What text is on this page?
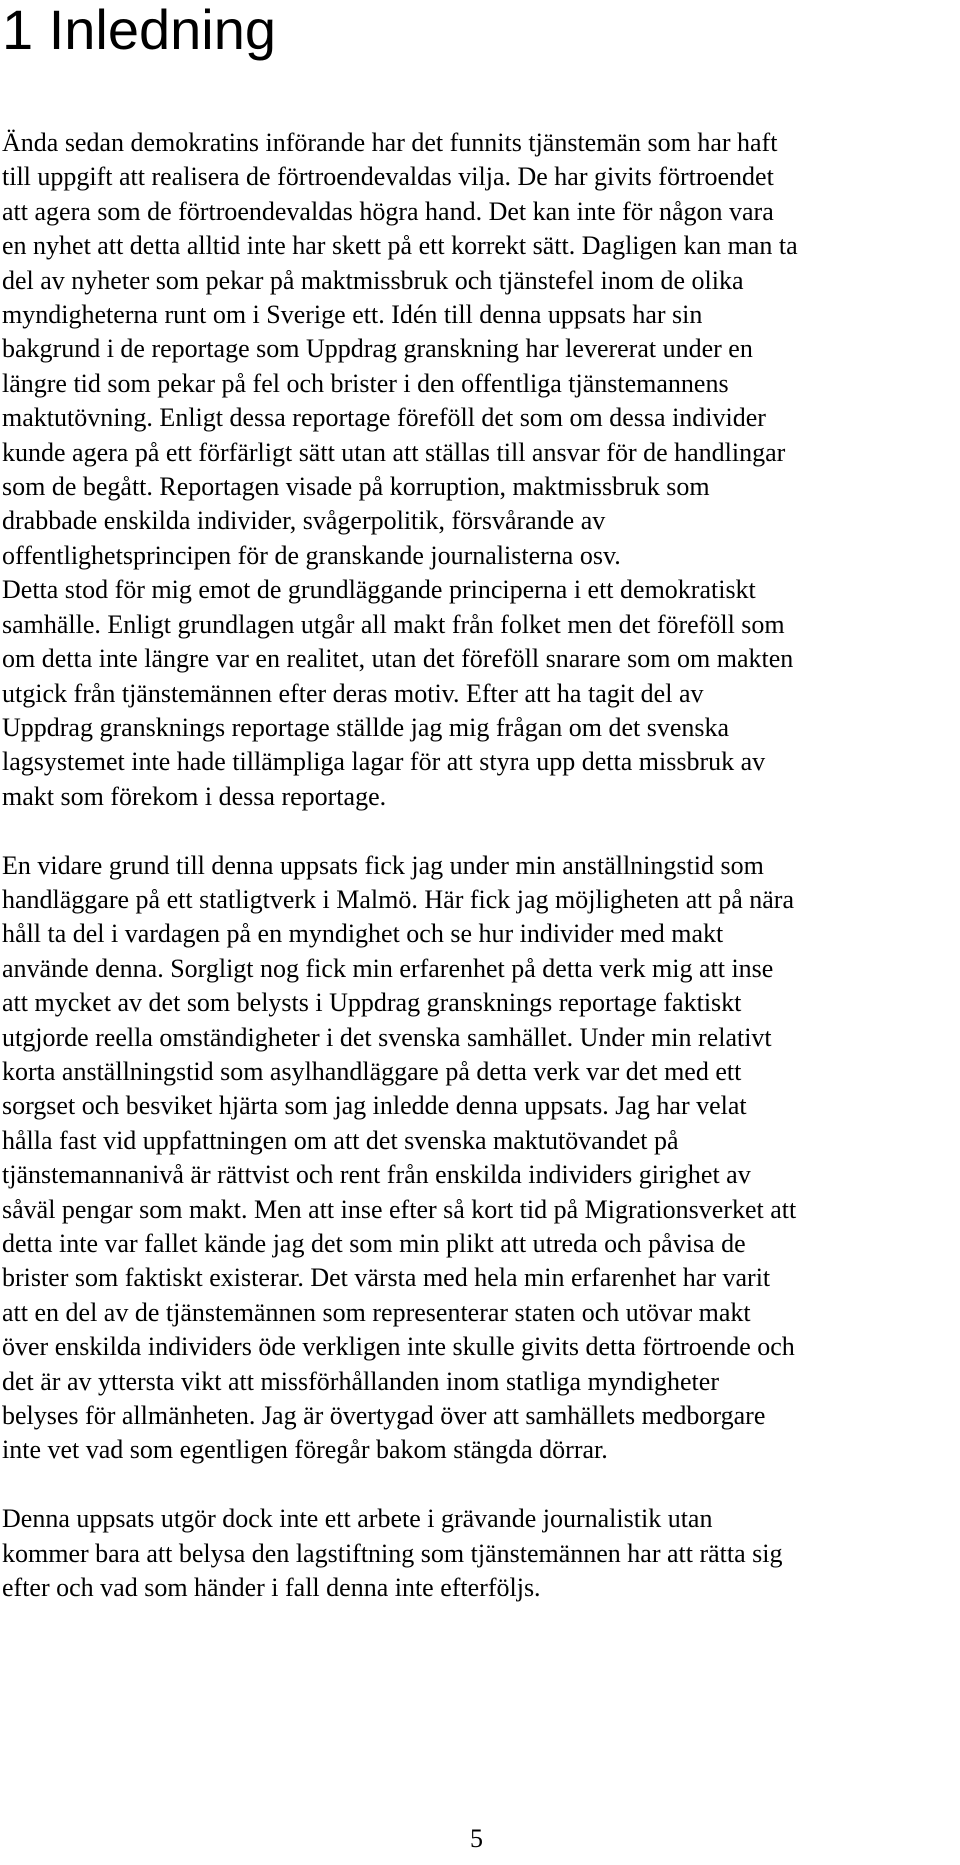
1 Inledning

Ända sedan demokratins införande har det funnits tjänstemän som har haft
till uppgift att realisera de förtroendevaldas vilja. De har givits förtroendet
att agera som de förtroendevaldas högra hand. Det kan inte för någon vara
en nyhet att detta alltid inte har skett på ett korrekt sätt. Dagligen kan man ta
del av nyheter som pekar på maktmissbruk och tjänstefel inom de olika
myndigheterna runt om i Sverige ett. Idén till denna uppsats har sin
bakgrund i de reportage som Uppdrag granskning har levererat under en
längre tid som pekar på fel och brister i den offentliga tjänstemannens
maktutövning. Enligt dessa reportage föreföll det som om dessa individer
kunde agera på ett förfärligt sätt utan att ställas till ansvar för de handlingar
som de begått. Reportagen visade på korruption, maktmissbruk som
drabbade enskilda individer, svågerpolitik, försvårande av
offentlighetsprincipen för de granskande journalisterna osv.
Detta stod för mig emot de grundläggande principerna i ett demokratiskt
samhälle. Enligt grundlagen utgår all makt från folket men det föreföll som
om detta inte längre var en realitet, utan det föreföll snarare som om makten
utgick från tjänstemännen efter deras motiv. Efter att ha tagit del av
Uppdrag gransknings reportage ställde jag mig frågan om det svenska
lagsystemet inte hade tillämpliga lagar för att styra upp detta missbruk av
makt som förekom i dessa reportage.

En vidare grund till denna uppsats fick jag under min anställningstid som
handläggare på ett statligtverk i Malmö. Här fick jag möjligheten att på nära
håll ta del i vardagen på en myndighet och se hur individer med makt
använde denna. Sorgligt nog fick min erfarenhet på detta verk mig att inse
att mycket av det som belysts i Uppdrag gransknings reportage faktiskt
utgjorde reella omständigheter i det svenska samhället. Under min relativt
korta anställningstid som asylhandläggare på detta verk var det med ett
sorgset och besviket hjärta som jag inledde denna uppsats. Jag har velat
hålla fast vid uppfattningen om att det svenska maktutövandet på
tjänstemannanivå är rättvist och rent från enskilda individers girighet av
såväl pengar som makt. Men att inse efter så kort tid på Migrationsverket att
detta inte var fallet kände jag det som min plikt att utreda och påvisa de
brister som faktiskt existerar. Det värsta med hela min erfarenhet har varit
att en del av de tjänstemännen som representerar staten och utövar makt
över enskilda individers öde verkligen inte skulle givits detta förtroende och
det är av yttersta vikt att missförhållanden inom statliga myndigheter
belyses för allmänheten. Jag är övertygad över att samhällets medborgare
inte vet vad som egentligen föregår bakom stängda dörrar.

Denna uppsats utgör dock inte ett arbete i grävande journalistik utan
kommer bara att belysa den lagstiftning som tjänstemännen har att rätta sig
efter och vad som händer i fall denna inte efterföljs.

5
